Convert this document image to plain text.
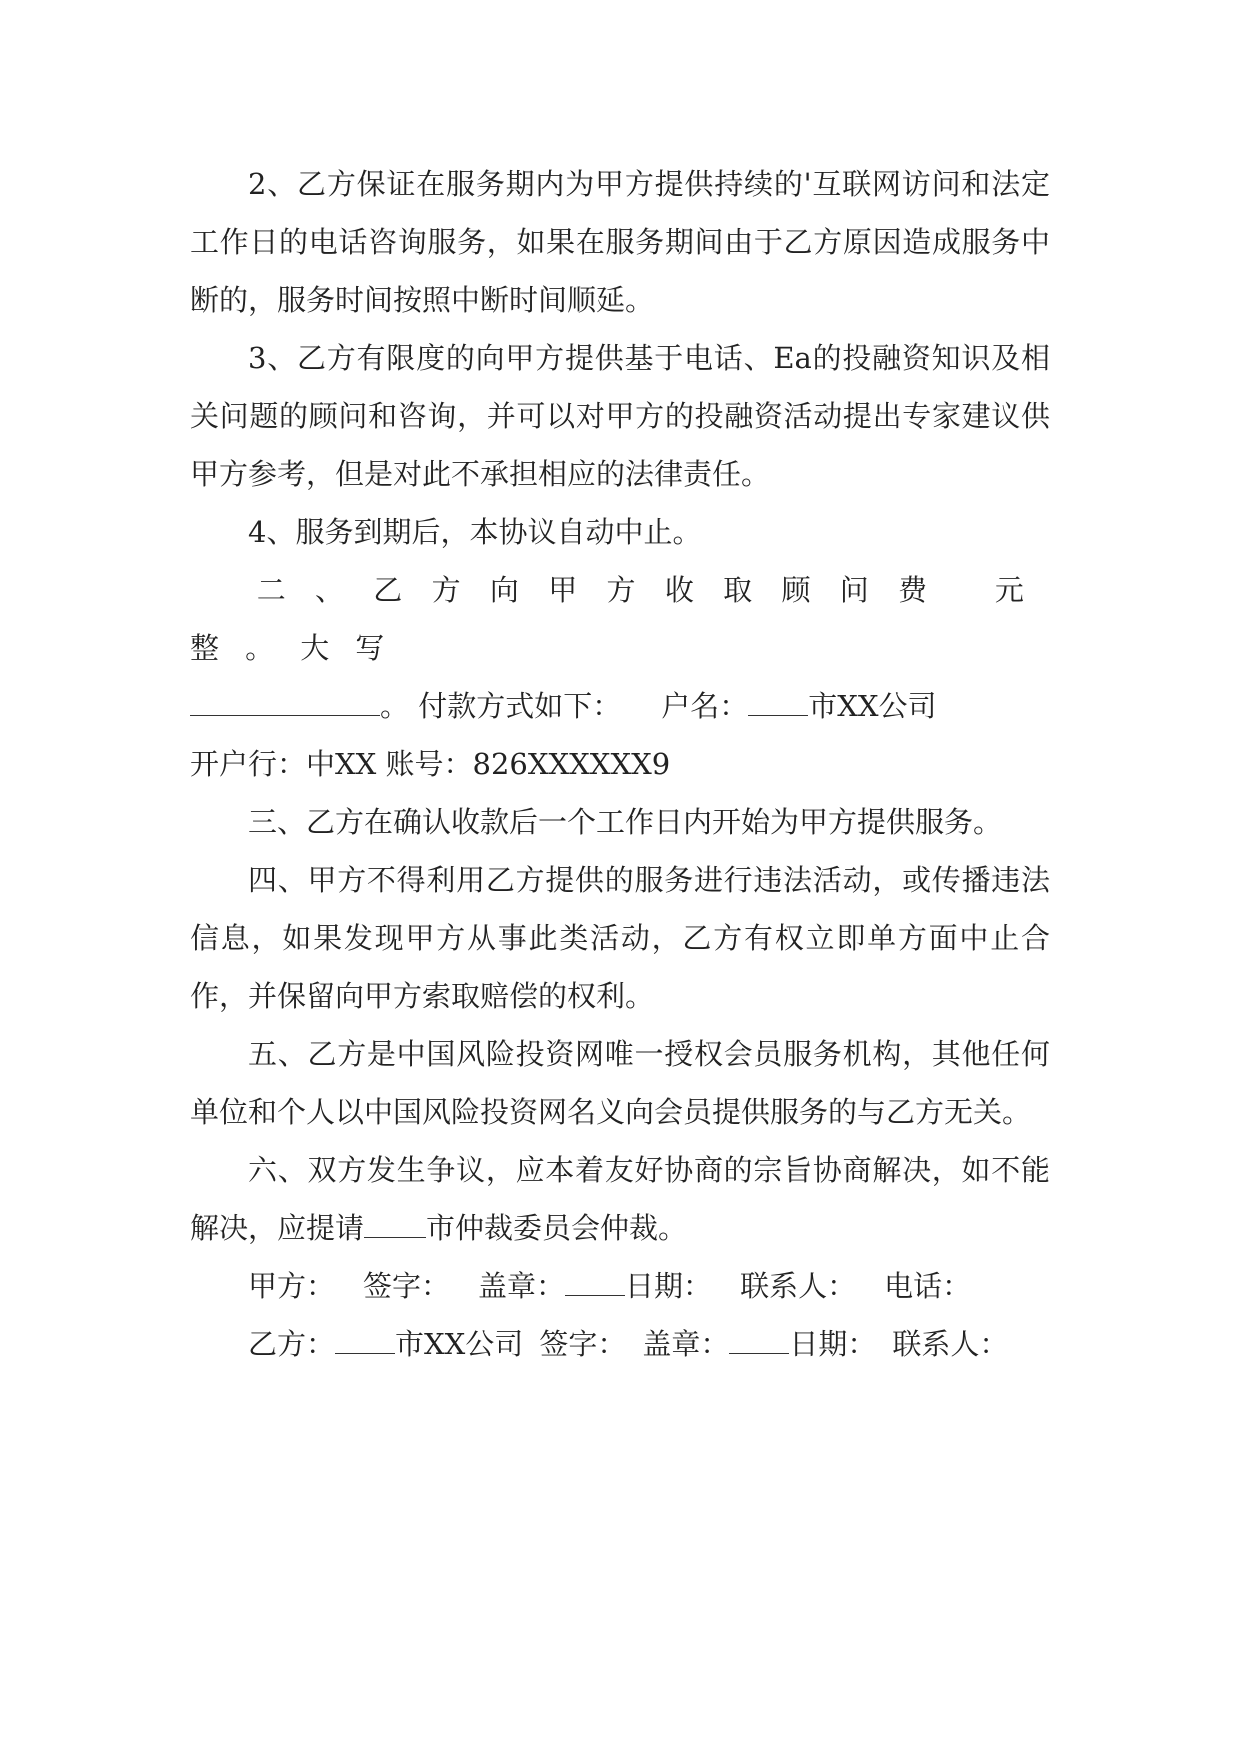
2、乙方保证在服务期内为甲方提供持续的'互联网访问和法定工作日的电话咨询服务，如果在服务期间由于乙方原因造成服务中断的，服务时间按照中断时间顺延。

3、乙方有限度的向甲方提供基于电话、Ea的投融资知识及相关问题的顾问和咨询，并可以对甲方的投融资活动提出专家建议供甲方参考，但是对此不承担相应的法律责任。

4、服务到期后，本协议自动中止。

二、乙方向甲方收取顾问费 元整。大写

。 付款方式如下： 户名： 市XX公司

开户行：中XX 账号：826XXXXXX9

三、乙方在确认收款后一个工作日内开始为甲方提供服务。

四、甲方不得利用乙方提供的服务进行违法活动，或传播违法信息，如果发现甲方从事此类活动，乙方有权立即单方面中止合作，并保留向甲方索取赔偿的权利。

五、乙方是中国风险投资网唯一授权会员服务机构，其他任何单位和个人以中国风险投资网名义向会员提供服务的与乙方无关。

六、双方发生争议，应本着友好协商的宗旨协商解决，如不能解决，应提请 市仲裁委员会仲裁。

甲方： 签字： 盖章： 日期： 联系人： 电话：

乙方： 市XX公司 签字： 盖章： 日期： 联系人：
